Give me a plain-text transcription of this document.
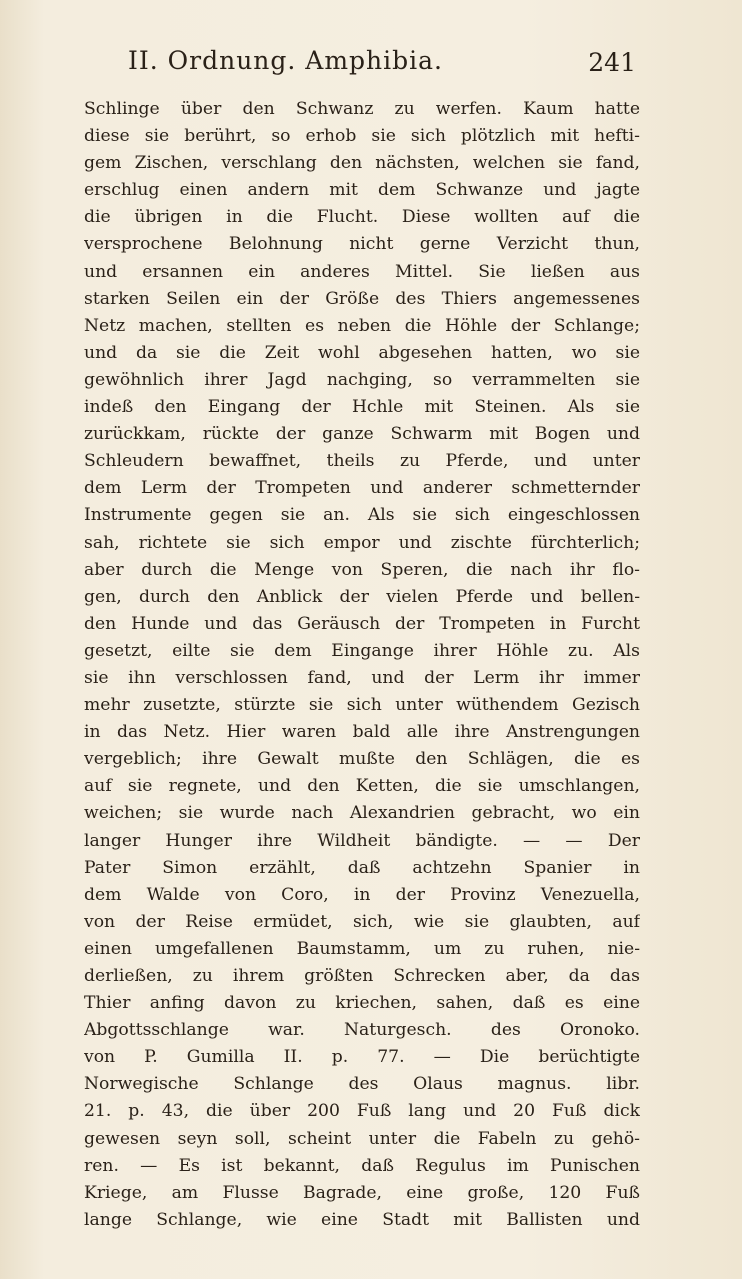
II. Ordnung. Amphibia.	241
Schlinge über den Schwanz zu werfen. Kaum hatte
diese sie berührt, so erhob sie sich plötzlich mit hefti-
gem Zischen, verschlang den nächsten, welchen sie fand,
erschlug einen andern mit dem Schwanze und jagte
die übrigen in die Flucht. Diese wollten auf die
versprochene Belohnung nicht gerne Verzicht thun,
und ersannen ein anderes Mittel. Sie ließen aus
starken Seilen ein der Größe des Thiers angemessenes
Netz machen, stellten es neben die Höhle der Schlange;
und da sie die Zeit wohl abgesehen hatten, wo sie
gewöhnlich ihrer Jagd nachging, so verrammelten sie
indeß den Eingang der Hchle mit Steinen. Als sie
zurückkam, rückte der ganze Schwarm mit Bogen und
Schleudern bewaffnet, theils zu Pferde, und unter
dem Lerm der Trompeten und anderer schmetternder
Instrumente gegen sie an. Als sie sich eingeschlossen
sah, richtete sie sich empor und zischte fürchterlich;
aber durch die Menge von Speren, die nach ihr flo-
gen, durch den Anblick der vielen Pferde und bellen-
den Hunde und das Geräusch der Trompeten in Furcht
gesetzt, eilte sie dem Eingange ihrer Höhle zu. Als
sie ihn verschlossen fand, und der Lerm ihr immer
mehr zusetzte, stürzte sie sich unter wüthendem Gezisch
in das Netz. Hier waren bald alle ihre Anstrengungen
vergeblich; ihre Gewalt mußte den Schlägen, die es
auf sie regnete, und den Ketten, die sie umschlangen,
weichen; sie wurde nach Alexandrien gebracht, wo ein
langer Hunger ihre Wildheit bändigte. — — Der
Pater Simon erzählt, daß achtzehn Spanier in
dem Walde von Coro, in der Provinz Venezuella,
von der Reise ermüdet, sich, wie sie glaubten, auf
einen umgefallenen Baumstamm, um zu ruhen, nie-
derließen, zu ihrem größten Schrecken aber, da das
Thier anfing davon zu kriechen, sahen, daß es eine
Abgottsschlange war. Naturgesch. des Oronoko.
von P. Gumilla II. p. 77. — Die berüchtigte
Norwegische Schlange des Olaus magnus. libr.
21. p. 43, die über 200 Fuß lang und 20 Fuß dick
gewesen seyn soll, scheint unter die Fabeln zu gehö-
ren. — Es ist bekannt, daß Regulus im Punischen
Kriege, am Flusse Bagrade, eine große, 120 Fuß
lange Schlange, wie eine Stadt mit Ballisten und
